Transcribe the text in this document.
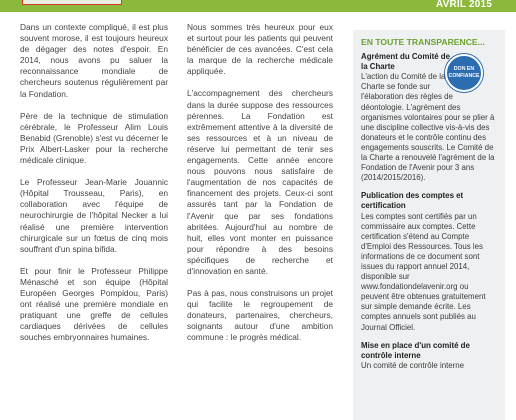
AVRIL 2015

Dans un contexte compliqué, il est plus souvent morose, il est toujours heureux de dégager des notes d'espoir. En 2014, nous avons pu saluer la reconnaissance mondiale de chercheurs soutenus régulièrement par la Fondation.

Père de la technique de stimulation cérébrale, le Professeur Alim Louis Benabid (Grenoble) s'est vu décerner le Prix Albert-Lasker pour la recherche médicale clinique.

Le Professeur Jean-Marie Jouannic (Hôpital Trousseau, Paris), en collaboration avec l'équipe de neurochirurgie de l'hôpital Necker a lui réalisé une première intervention chirurgicale sur un fœtus de cinq mois souffrant d'un spina bifida.

Et pour finir le Professeur Philippe Ménasché et son équipe (Hôpital Européen Georges Pompidou, Paris) ont réalisé une première mondiale en pratiquant une greffe de cellules cardiaques dérivées de cellules souches embryonnaires humaines.

Nous sommes très heureux pour eux et surtout pour les patients qui peuvent bénéficier de ces avancées. C'est cela la marque de la recherche médicale appliquée.

L'accompagnement des chercheurs dans la durée suppose des ressources pérennes. La Fondation est extrêmement attentive à la diversité de ses ressources et à un niveau de réserve lui permettant de tenir ses engagements. Cette année encore nous pouvons nous satisfaire de l'augmentation de nos capacités de financement des projets. Ceux-ci sont assurés tant par la Fondation de l'Avenir que par ses fondations abritées. Aujourd'hui au nombre de huit, elles vont monter en puissance pour répondre à des besoins spécifiques de recherche et d'innovation en santé.

Pas à pas, nous construisons un projet qui facilite le regroupement de donateurs, partenaires, chercheurs, soignants autour d'une ambition commune : le progrès médical.

EN TOUTE TRANSPARENCE...
Agrément du Comité de la Charte
L'action du Comité de la Charte se fonde sur
l'élaboration des règles de déontologie. L'agrément des organismes volontaires pour se plier à une discipline collective vis-à-vis des donateurs et le contrôle continu des engagements souscrits. Le Comité de la Charte a renouvelé l'agrément de la Fondation de l'Avenir pour 3 ans (2014/2015/2016).
Publication des comptes et certification
Les comptes sont certifiés par un commissaire aux comptes. Cette certification s'étend au Compte d'Emploi des Ressources. Tous les informations de ce document sont issues du rapport annuel 2014, disponible sur www.fondationdelavenir.org ou peuvent être obtenues gratuitement sur simple demande écrite. Les comptes annuels sont publiés au Journal Officiel.
Mise en place d'un comité de contrôle interne
Un comité de contrôle interne
DON EN
CONFIANCE
